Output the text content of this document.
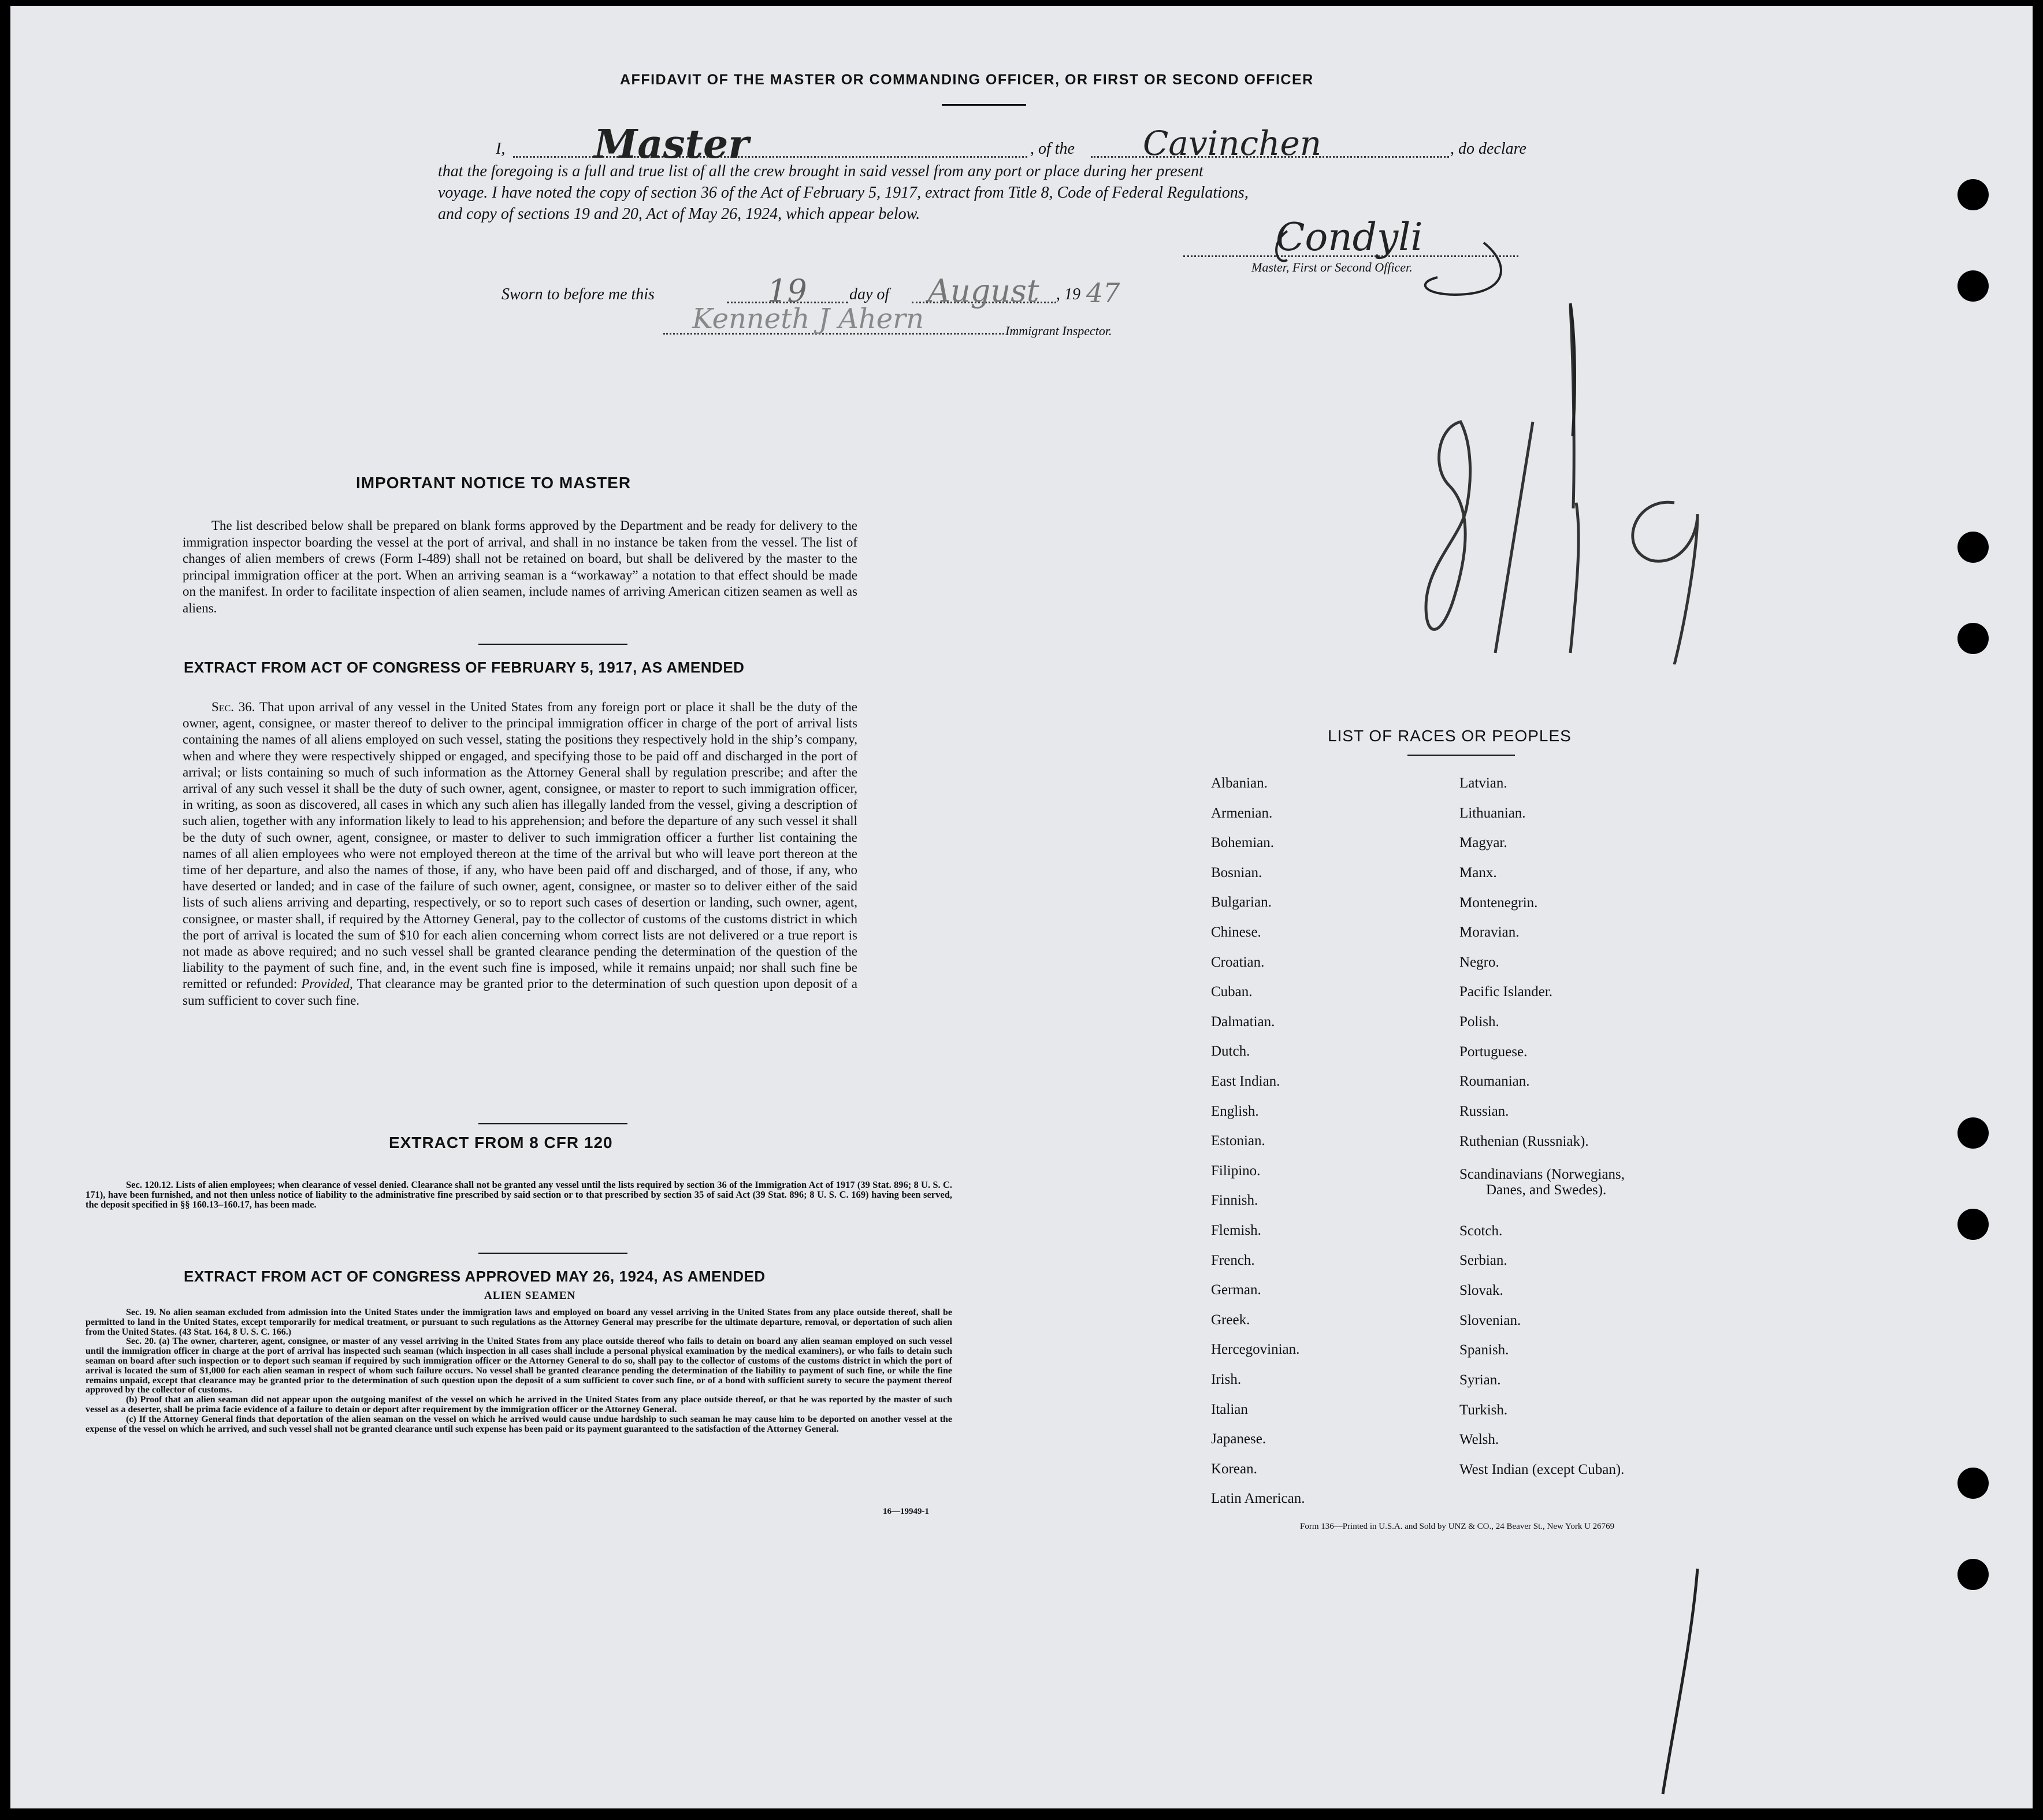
AFFIDAVIT OF THE MASTER OR COMMANDING OFFICER, OR FIRST OR SECOND OFFICER
I, Master	, of the Cavinchen	, do declare
that the foregoing is a full and true list of all the crew brought in said vessel from any port or place during her present
voyage. I have noted the copy of section 36 of the Act of February 5, 1917, extract from Title 8, Code of Federal Regulations,
and copy of sections 19 and 20, Act of May 26, 1924, which appear below.
Condyli
Master, First or Second Officer.
Sworn to before me this	19	day of August , 19 47
Kenneth J Ahern	Immigrant Inspector.
IMPORTANT NOTICE TO MASTER

The list described below shall be prepared on blank forms approved by the Department and be ready for delivery to the immigration inspector boarding the vessel at the port of arrival, and shall in no instance be taken from the vessel. The list of changes of alien members of crews (Form I-489) shall not be retained on board, but shall be delivered by the master to the principal immigration officer at the port. When an arriving seaman is a “workaway” a notation to that effect should be made on the manifest. In order to facilitate inspection of alien seamen, include names of arriving American citizen seamen as well as aliens.

EXTRACT FROM ACT OF CONGRESS OF FEBRUARY 5, 1917, AS AMENDED

Sec. 36. That upon arrival of any vessel in the United States from any foreign port or place it shall be the duty of the owner, agent, consignee, or master thereof to deliver to the principal immigration officer in charge of the port of arrival lists containing the names of all aliens employed on such vessel, stating the positions they respectively hold in the ship’s company, when and where they were respectively shipped or engaged, and specifying those to be paid off and discharged in the port of arrival; or lists containing so much of such information as the Attorney General shall by regulation prescribe; and after the arrival of any such vessel it shall be the duty of such owner, agent, consignee, or master to report to such immigration officer, in writing, as soon as discovered, all cases in which any such alien has illegally landed from the vessel, giving a description of such alien, together with any information likely to lead to his apprehension; and before the departure of any such vessel it shall be the duty of such owner, agent, consignee, or master to deliver to such immigration officer a further list containing the names of all alien employees who were not employed thereon at the time of the arrival but who will leave port thereon at the time of her departure, and also the names of those, if any, who have been paid off and discharged, and of those, if any, who have deserted or landed; and in case of the failure of such owner, agent, consignee, or master so to deliver either of the said lists of such aliens arriving and departing, respectively, or so to report such cases of desertion or landing, such owner, agent, consignee, or master shall, if required by the Attorney General, pay to the collector of customs of the customs district in which the port of arrival is located the sum of $10 for each alien concerning whom correct lists are not delivered or a true report is not made as above required; and no such vessel shall be granted clearance pending the determination of the question of the liability to the payment of such fine, and, in the event such fine is imposed, while it remains unpaid; nor shall such fine be remitted or refunded: Provided, That clearance may be granted prior to the determination of such question upon deposit of a sum sufficient to cover such fine.

EXTRACT FROM 8 CFR 120

Sec. 120.12. Lists of alien employees; when clearance of vessel denied. Clearance shall not be granted any vessel until the lists required by section 36 of the Immigration Act of 1917 (39 Stat. 896; 8 U. S. C. 171), have been furnished, and not then unless notice of liability to the administrative fine prescribed by said section or to that prescribed by section 35 of said Act (39 Stat. 896; 8 U. S. C. 169) having been served, the deposit specified in §§ 160.13–160.17, has been made.

EXTRACT FROM ACT OF CONGRESS APPROVED MAY 26, 1924, AS AMENDED
ALIEN SEAMEN

Sec. 19. No alien seaman excluded from admission into the United States under the immigration laws and employed on board any vessel arriving in the United States from any place outside thereof, shall be permitted to land in the United States, except temporarily for medical treatment, or pursuant to such regulations as the Attorney General may prescribe for the ultimate departure, removal, or deportation of such alien from the United States. (43 Stat. 164, 8 U. S. C. 166.)

Sec. 20. (a) The owner, charterer, agent, consignee, or master of any vessel arriving in the United States from any place outside thereof who fails to detain on board any alien seaman employed on such vessel until the immigration officer in charge at the port of arrival has inspected such seaman (which inspection in all cases shall include a personal physical examination by the medical examiners), or who fails to detain such seaman on board after such inspection or to deport such seaman if required by such immigration officer or the Attorney General to do so, shall pay to the collector of customs of the customs district in which the port of arrival is located the sum of $1,000 for each alien seaman in respect of whom such failure occurs. No vessel shall be granted clearance pending the determination of the liability to payment of such fine, or while the fine remains unpaid, except that clearance may be granted prior to the determination of such question upon the deposit of a sum sufficient to cover such fine, or of a bond with sufficient surety to secure the payment thereof approved by the collector of customs.

(b) Proof that an alien seaman did not appear upon the outgoing manifest of the vessel on which he arrived in the United States from any place outside thereof, or that he was reported by the master of such vessel as a deserter, shall be prima facie evidence of a failure to detain or deport after requirement by the immigration officer or the Attorney General.

(c) If the Attorney General finds that deportation of the alien seaman on the vessel on which he arrived would cause undue hardship to such seaman he may cause him to be deported on another vessel at the expense of the vessel on which he arrived, and such vessel shall not be granted clearance until such expense has been paid or its payment guaranteed to the satisfaction of the Attorney General.

16—19949-1
LIST OF RACES OR PEOPLES
Albanian.
Armenian.
Bohemian.
Bosnian.
Bulgarian.
Chinese.
Croatian.
Cuban.
Dalmatian.
Dutch.
East Indian.
English.
Estonian.
Filipino.
Finnish.
Flemish.
French.
German.
Greek.
Hercegovinian.
Irish.
Italian
Japanese.
Korean.
Latin American.
Latvian.
Lithuanian.
Magyar.
Manx.
Montenegrin.
Moravian.
Negro.
Pacific Islander.
Polish.
Portuguese.
Roumanian.
Russian.
Ruthenian (Russniak).
Scandinavians (Norwegians,
Danes, and Swedes).
Scotch.
Serbian.
Slovak.
Slovenian.
Spanish.
Syrian.
Turkish.
Welsh.
West Indian (except Cuban).
Form 136—Printed in U.S.A. and Sold by UNZ & CO., 24 Beaver St., New York U 26769
